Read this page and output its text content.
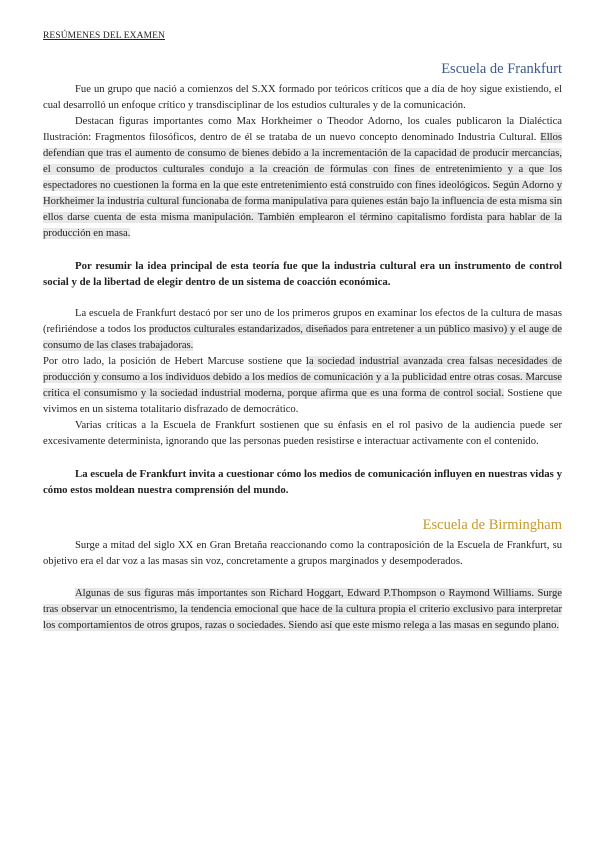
RESÚMENES DEL EXAMEN
Escuela de Frankfurt

Fue un grupo que nació a comienzos del S.XX formado por teóricos críticos que a día de hoy sigue existiendo, el cual desarrolló un enfoque crítico y transdisciplinar de los estudios culturales y de la comunicación.

Destacan figuras importantes como Max Horkheimer o Theodor Adorno, los cuales publicaron la Dialéctica Ilustración: Fragmentos filosóficos, dentro de él se trataba de un nuevo concepto denominado Industria Cultural. Ellos defendían que tras el aumento de consumo de bienes debido a la incrementación de la capacidad de producir mercancías, el consumo de productos culturales condujo a la creación de fórmulas con fines de entretenimiento y a que los espectadores no cuestionen la forma en la que este entretenimiento está construido con fines ideológicos. Según Adorno y Horkheimer la industria cultural funcionaba de forma manipulativa para quienes están bajo la influencia de esta misma sin ellos darse cuenta de esta misma manipulación. También emplearon el término capitalismo fordista para hablar de la producción en masa.

Por resumir la idea principal de esta teoría fue que la industria cultural era un instrumento de control social y de la libertad de elegir dentro de un sistema de coacción económica.

La escuela de Frankfurt destacó por ser uno de los primeros grupos en examinar los efectos de la cultura de masas (refiriéndose a todos los productos culturales estandarizados, diseñados para entretener a un público masivo) y el auge de consumo de las clases trabajadoras.

Por otro lado, la posición de Hebert Marcuse sostiene que la sociedad industrial avanzada crea falsas necesidades de producción y consumo a los individuos debido a los medios de comunicación y a la publicidad entre otras cosas. Marcuse critica el consumismo y la sociedad industrial moderna, porque afirma que es una forma de control social. Sostiene que vivimos en un sistema totalitario disfrazado de democrático.

Varias críticas a la Escuela de Frankfurt sostienen que su énfasis en el rol pasivo de la audiencia puede ser excesivamente determinista, ignorando que las personas pueden resistirse e interactuar activamente con el contenido.

La escuela de Frankfurt invita a cuestionar cómo los medios de comunicación influyen en nuestras vidas y cómo estos moldean nuestra comprensión del mundo.

Escuela de Birmingham

Surge a mitad del siglo XX en Gran Bretaña reaccionando como la contraposición de la Escuela de Frankfurt, su objetivo era el dar voz a las masas sin voz, concretamente a grupos marginados y desempoderados.

Algunas de sus figuras más importantes son Richard Hoggart, Edward P.Thompson o Raymond Williams. Surge tras observar un etnocentrismo, la tendencia emocional que hace de la cultura propia el criterio exclusivo para interpretar los comportamientos de otros grupos, razas o sociedades. Siendo así que este mismo relega a las masas en segundo plano.
